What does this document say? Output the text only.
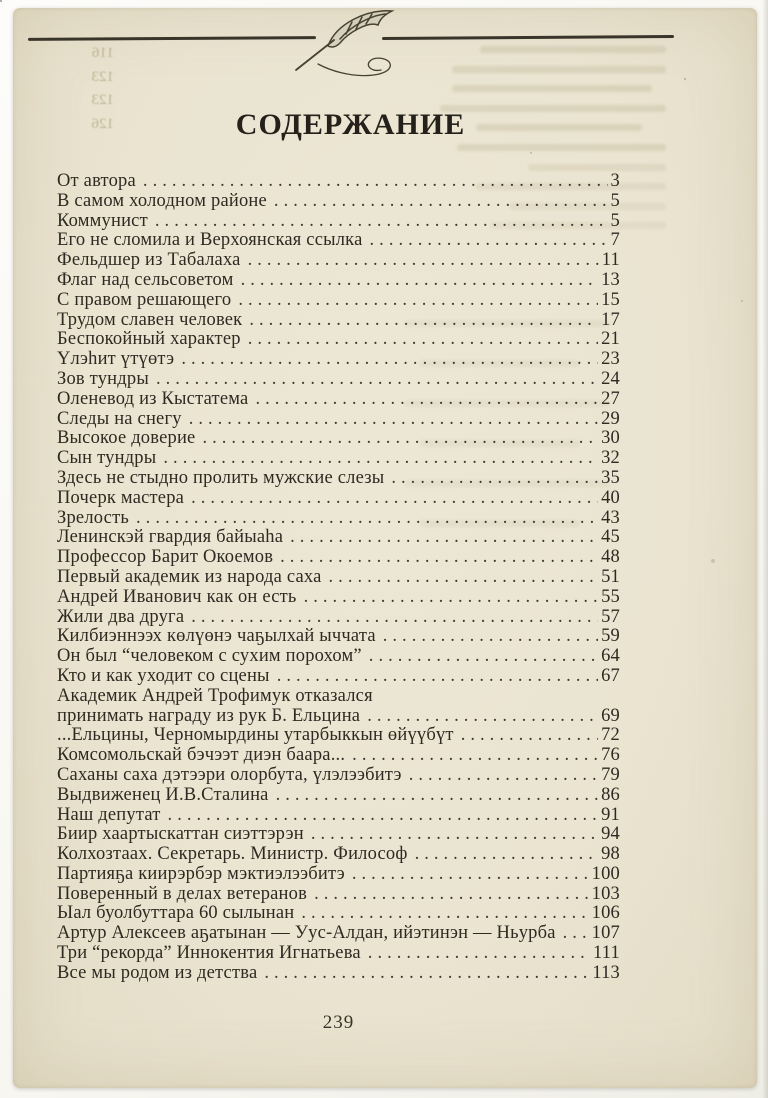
116
123
123
126	СОДЕРЖАНИЕ
От автора . . .	3
В самом холодном районе . . .	5
Коммунист . . .	5
Его не сломила и Верхоянская ссылка . . .	7
Фельдшер из Табалаха . . .	11
Флаг над сельсоветом . . .	13
С правом решающего . . .	15
Трудом славен человек . . .	17
Беспокойный характер . . .	21
Үлэһит үтүөтэ . . .	23
Зов тундры . . .	24
Оленевод из Кыстатема . . .	27
Следы на снегу . . .	29
Высокое доверие . . .	30
Сын тундры . . .	32
Здесь не стыдно пролить мужские слезы . . .	35
Почерк мастера . . .	40
Зрелость . . .	43
Ленинскэй гвардия байыаһа . . .	45
Профессор Барит Окоемов . . .	48
Первый академик из народа саха . . .	51
Андрей Иванович как он есть . . .	55
Жили два друга . . .	57
Килбиэннээх көлүөнэ чаҕылхай ыччата . . .	59
Он был “человеком с сухим порохом” . . .	64
Кто и как уходит со сцены . . .	67
Академик Андрей Трофимук отказался
принимать награду из рук Б. Ельцина . . .	69
...Ельцины, Черномырдины утарбыккын өйүүбүт . . .	72
Комсомольскай бэчээт диэн баара... . . .	76
Саханы саха дэтээри олорбута, үлэлээбитэ . . .	79
Выдвиженец И.В.Сталина . . .	86
Наш депутат . . .	91
Биир хаартыскаттан сиэттэрэн . . .	94
Колхозтаах. Секретарь. Министр. Философ . . .	98
Партияҕа киирэрбэр мэктиэлээбитэ . . .	100
Поверенный в делах ветеранов . . .	103
Ыал буолбуттара 60 сылынан . . .	106
Артур Алексеев аҕатынан — Уус-Алдан, ийэтинэн — Ньурба . . . 107
Три “рекорда” Иннокентия Игнатьева . . .	111
Все мы родом из детства . . .	113
239
